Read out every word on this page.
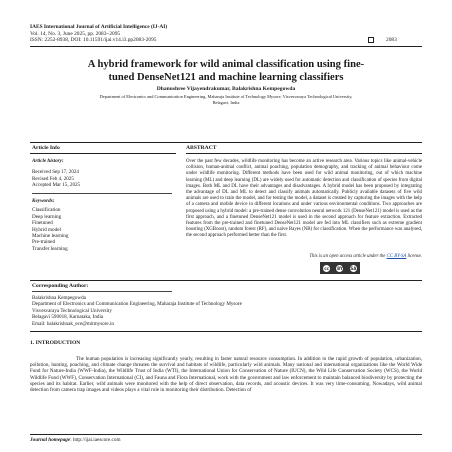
IAES International Journal of Artificial Intelligence (IJ-AI)
Vol. 14, No. 3, June 2025, pp. 2083~2095
ISSN: 2252-8938, DOI: 10.11591/ijai.v14.i3.pp2083-2095	2083
A hybrid framework for wild animal classification using fine-
tuned DenseNet121 and machine learning classifiers
Dhanushree Vijayendrakumar, Balakrishna Kempegowda
Department of Electronics and Communication Engineering, Maharaja Institute of Technology Mysore, Visvesvaraya Technological University,
Belagavi, India
Article Info	ABSTRACT
Article history:
Received Sep 17, 2024
Revised Feb 4, 2025
Accepted Mar 15, 2025
Keywords:
Classification
Deep learning
Finetuned
Hybrid model
Machine learning
Pre-trained
Transfer learning
Over the past few decades, wildlife monitoring has become an active research area. Various topics like animal-vehicle collision, human-animal conflict, animal poaching, population demography, and tracking of animal behaviour come under wildlife monitoring. Different methods have been used for wild animal monitoring, out of which machine learning (ML) and deep learning (DL) are widely used for automatic detection and classification of species from digital images. Both ML and DL have their advantages and disadvantages. A hybrid model has been proposed by integrating the advantage of DL and ML to detect and classify animals automatically. Publicly available datasets of five wild animals are used to train the model, and for testing the model, a dataset is created by capturing the images with the help of a camera and mobile device in different locations and under various environmental conditions. Two approaches are proposed using a hybrid model: a pre-trained dense convolution neural network 121 (DenseNet121) model is used as the first approach, and a finetuned DenseNet121 model is used in the second approach for feature extraction. Extracted features from the pre-trained and finetuned DenseNet121 model are fed into ML classifiers such as extreme gradient boosting (XGBoost), random forest (RF), and naive Bayes (NB) for classification. When the performance was analysed, the second approach performed better than the first.
This is an open access article under the CC BY-SA license.
cc BY SA
Corresponding Author:
Balakrishna Kempegowda
Department of Electronics and Communication Engineering, Maharaja Institute of Technology Mysore
Visvesvaraya Technological University
Belagavi 590018, Karnataka, India
Email: balakrishnak_ece@mitmysore.in
1. INTRODUCTION
The human population is increasing significantly yearly, resulting in faster natural resource consumption. In addition to the rapid growth of population, urbanization, pollution, hunting, poaching, and climate change threaten the survival and habitats of wildlife, particularly wild animals. Many national and international organizations like the World Wide Fund for Nature-India (WWF-India), the Wildlife Trust of India (WTI), the International Union for Conservation of Nature (IUCN), the Wild Life Conservation Society (WCS), the World Wildlife Fund (WWF), Conservation International (CI), and Fauna and Flora International, work with the government and law enforcement to maintain balanced biodiversity by protecting the species and its habitat. Earlier, wild animals were monitored with the help of direct observation, data records, and acoustic devices. It was very time-consuming. Nowadays, wild animal detection from camera trap images and videos plays a vital role in monitoring their distribution. Detection of
Journal homepage: http://ijai.iaescore.com
